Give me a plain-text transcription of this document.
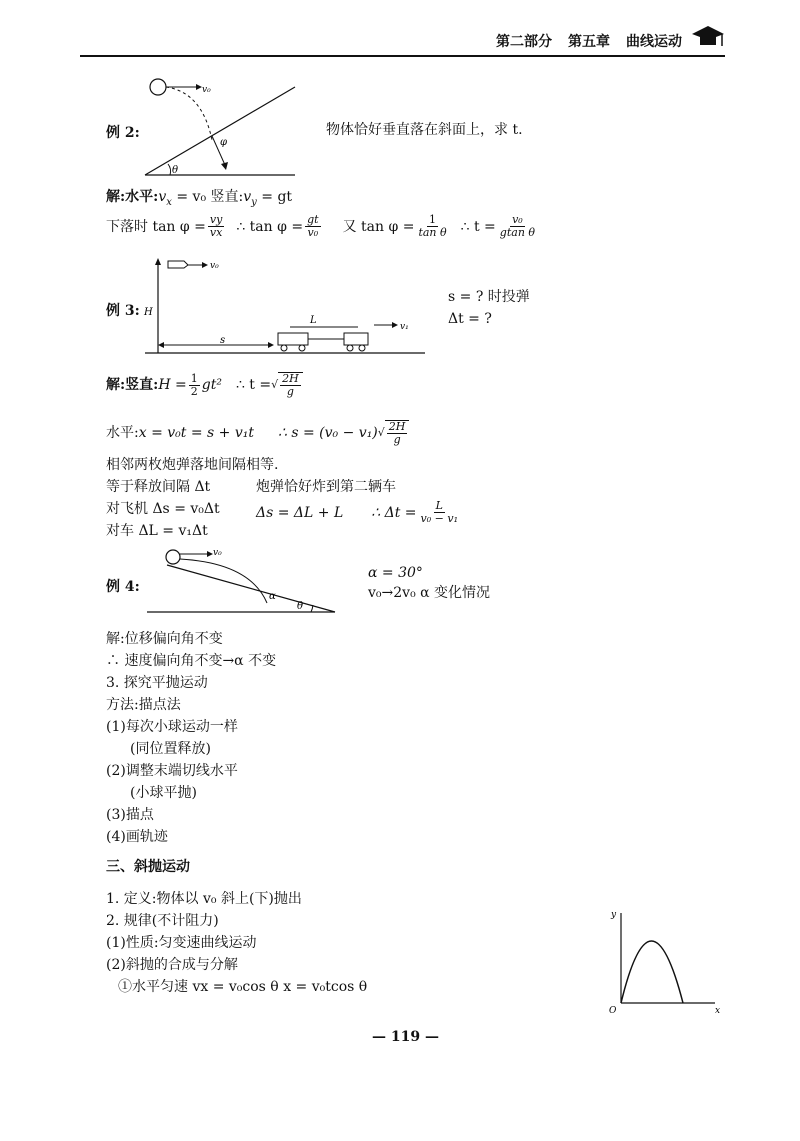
第二部分 第五章 曲线运动
v₀
φ
θ
例 2:	物体恰好垂直落在斜面上，求 t.
解:水平$:v_x = v_0$ 竖直$:v_y$ = gt
下落时 $\tan \varphi = \frac{vy}{vx}$ ∴ $\tan \varphi = \frac{gt}{\text{v₀}}$ 又 $\tan \varphi = \frac{1}{\text{tan θ}}$ ∴ $t = \frac{\text{v₀}}{\text{gtan θ}}$
v₀
H
s
L
v₁
例 3:
s = ? 时投弹
Δt = ?
解:竖直: $H = \frac{1}{2} gt^2$ ∴ t = √ $\frac{2H}{g}$
水平: x = v₀t = s + v₁t ∴ s = (v₀ − v₁) √ $\frac{2H}{g}$
相邻两枚炮弹落地间隔相等.
等于释放间隔 Δt	炮弹恰好炸到第二辆车
对飞机 Δs = v₀Δt	Δs = ΔL + L ∴ $\Delta t = \frac{L}{\text{v₀ − v₁}}$
对车 ΔL = v₁Δt
v₀
α
θ
例 4:
α = 30°
v₀→2v₀ α 变化情况
解:位移偏向角不变
∴ 速度偏向角不变→α 不变
3. 探究平抛运动
方法:描点法
(1)每次小球运动一样
(同位置释放)
(2)调整末端切线水平
(小球平抛)
(3)描点
(4)画轨迹
三、斜抛运动
1. 定义:物体以 v₀ 斜上(下)抛出
2. 规律(不计阻力)
(1)性质:匀变速曲线运动
(2)斜抛的合成与分解
①水平匀速 vx = v₀cos θ x = v₀tcos θ
y
x
O
— 119 —
